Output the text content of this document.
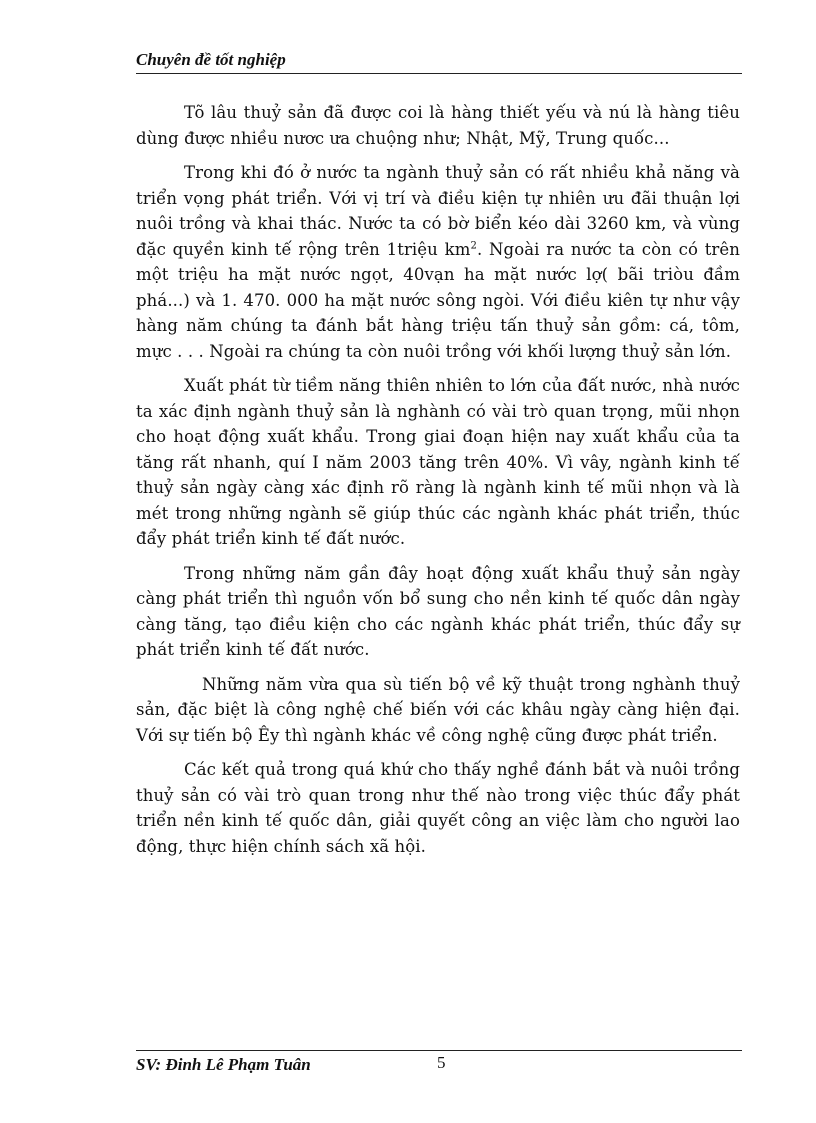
Chuyên đề tốt nghiệp

Tõ lâu thuỷ sản đã được coi là hàng thiết yếu và nú là hàng tiêu dùng được nhiều nươc ưa chuộng như; Nhật, Mỹ, Trung quốc...

Trong khi đó ở nước ta ngành thuỷ sản có rất nhiều khả năng và triển vọng phát triển. Với vị trí và điều kiện tự nhiên ưu đãi thuận lợi nuôi trồng và khai thác. Nước ta có bờ biển kéo dài 3260 km, và vùng đặc quyền kinh tế rộng trên 1triệu $km^2$. Ngoài ra nước ta còn có trên một triệu ha mặt nước ngọt, 40vạn ha mặt nước lợ( bãi triòu đầm phá...) và 1. 470. 000 ha mặt nước sông ngòi. Với điều kiên tự như vậy hàng năm chúng ta đánh bắt hàng triệu tấn thuỷ sản gồm: cá, tôm, mực . . . Ngoài ra chúng ta còn nuôi trồng với khối lượng thuỷ sản lớn.

Xuất phát từ tiềm năng thiên nhiên to lớn của đất nước, nhà nước ta xác định ngành thuỷ sản là nghành có vài trò quan trọng, mũi nhọn cho hoạt động xuất khẩu. Trong giai đoạn hiện nay xuất khẩu của ta tăng rất nhanh, quí I năm 2003 tăng trên 40%. Vì vây, ngành kinh tế thuỷ sản ngày càng xác định rõ ràng là ngành kinh tế mũi nhọn và là mét trong những ngành sẽ giúp thúc các ngành khác phát triển, thúc đẩy phát triển kinh tế đất nước.

Trong những năm gần đây hoạt động xuất khẩu thuỷ sản ngày càng phát triển thì nguồn vốn bổ sung cho nền kinh tế quốc dân ngày càng tăng, tạo điều kiện cho các ngành khác phát triển, thúc đẩy sự phát triển kinh tế đất nước.

Những năm vừa qua sù tiến bộ về kỹ thuật trong nghành thuỷ sản, đặc biệt là công nghệ chế biến với các khâu ngày càng hiện đại. Với sự tiến bộ Êy thì ngành khác về công nghệ cũng được phát triển.

Các kết quả trong quá khứ cho thấy nghề đánh bắt và nuôi trồng thuỷ sản có vài trò quan trong như thế nào trong việc thúc đẩy phát triển nền kinh tế quốc dân, giải quyết công an việc làm cho người lao động, thực hiện chính sách xã hội.

SV: Đinh Lê Phạm Tuân	5
